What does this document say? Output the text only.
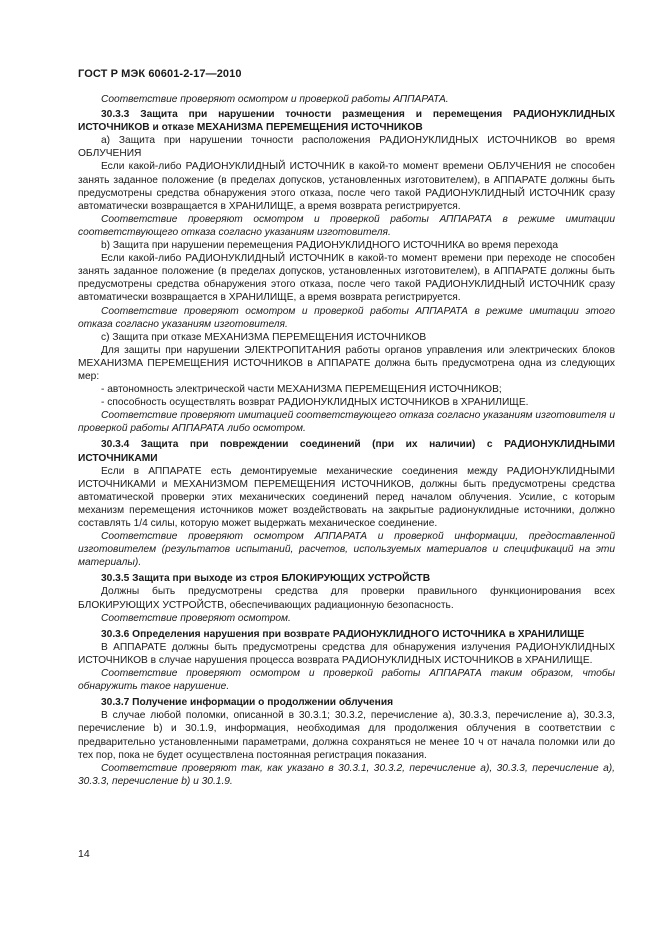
ГОСТ Р МЭК 60601-2-17—2010

Соответствие проверяют осмотром и проверкой работы АППАРАТА.

30.3.3 Защита при нарушении точности размещения и перемещения РАДИОНУКЛИДНЫХ ИСТОЧНИКОВ и отказе МЕХАНИЗМА ПЕРЕМЕЩЕНИЯ ИСТОЧНИКОВ

a) Защита при нарушении точности расположения РАДИОНУКЛИДНЫХ ИСТОЧНИКОВ во время ОБЛУЧЕНИЯ

Если какой-либо РАДИОНУКЛИДНЫЙ ИСТОЧНИК в какой-то момент времени ОБЛУЧЕНИЯ не способен занять заданное положение (в пределах допусков, установленных изготовителем), в АППАРАТЕ должны быть предусмотрены средства обнаружения этого отказа, после чего такой РАДИОНУКЛИДНЫЙ ИСТОЧНИК сразу автоматически возвращается в ХРАНИЛИЩЕ, а время возврата регистрируется.

Соответствие проверяют осмотром и проверкой работы АППАРАТА в режиме имитации соответствующего отказа согласно указаниям изготовителя.

b) Защита при нарушении перемещения РАДИОНУКЛИДНОГО ИСТОЧНИКА во время перехода

Если какой-либо РАДИОНУКЛИДНЫЙ ИСТОЧНИК в какой-то момент времени при переходе не способен занять заданное положение (в пределах допусков, установленных изготовителем), в АППАРАТЕ должны быть предусмотрены средства обнаружения этого отказа, после чего такой РАДИОНУКЛИДНЫЙ ИСТОЧНИК сразу автоматически возвращается в ХРАНИЛИЩЕ, а время возврата регистрируется.

Соответствие проверяют осмотром и проверкой работы АППАРАТА в режиме имитации этого отказа согласно указаниям изготовителя.

c) Защита при отказе МЕХАНИЗМА ПЕРЕМЕЩЕНИЯ ИСТОЧНИКОВ

Для защиты при нарушении ЭЛЕКТРОПИТАНИЯ работы органов управления или электрических блоков МЕХАНИЗМА ПЕРЕМЕЩЕНИЯ ИСТОЧНИКОВ в АППАРАТЕ должна быть предусмотрена одна из следующих мер:

- автономность электрической части МЕХАНИЗМА ПЕРЕМЕЩЕНИЯ ИСТОЧНИКОВ;

- способность осуществлять возврат РАДИОНУКЛИДНЫХ ИСТОЧНИКОВ в ХРАНИЛИЩЕ.

Соответствие проверяют имитацией соответствующего отказа согласно указаниям изготовителя и проверкой работы АППАРАТА либо осмотром.

30.3.4 Защита при повреждении соединений (при их наличии) с РАДИОНУКЛИДНЫМИ ИСТОЧНИКАМИ

Если в АППАРАТЕ есть демонтируемые механические соединения между РАДИОНУКЛИДНЫМИ ИСТОЧНИКАМИ и МЕХАНИЗМОМ ПЕРЕМЕЩЕНИЯ ИСТОЧНИКОВ, должны быть предусмотрены средства автоматической проверки этих механических соединений перед началом облучения. Усилие, с которым механизм перемещения источников может воздействовать на закрытые радионуклидные источники, должно составлять 1/4 силы, которую может выдержать механическое соединение.

Соответствие проверяют осмотром АППАРАТА и проверкой информации, предоставленной изготовителем (результатов испытаний, расчетов, используемых материалов и спецификаций на эти материалы).

30.3.5 Защита при выходе из строя БЛОКИРУЮЩИХ УСТРОЙСТВ

Должны быть предусмотрены средства для проверки правильного функционирования всех БЛОКИРУЮЩИХ УСТРОЙСТВ, обеспечивающих радиационную безопасность.

Соответствие проверяют осмотром.

30.3.6 Определения нарушения при возврате РАДИОНУКЛИДНОГО ИСТОЧНИКА в ХРАНИЛИЩЕ

В АППАРАТЕ должны быть предусмотрены средства для обнаружения излучения РАДИОНУКЛИДНЫХ ИСТОЧНИКОВ в случае нарушения процесса возврата РАДИОНУКЛИДНЫХ ИСТОЧНИКОВ в ХРАНИЛИЩЕ.

Соответствие проверяют осмотром и проверкой работы АППАРАТА таким образом, чтобы обнаружить такое нарушение.

30.3.7 Получение информации о продолжении облучения

В случае любой поломки, описанной в 30.3.1; 30.3.2, перечисление a), 30.3.3, перечисление a), 30.3.3, перечисление b) и 30.1.9, информация, необходимая для продолжения облучения в соответствии с предварительно установленными параметрами, должна сохраняться не менее 10 ч от начала поломки или до тех пор, пока не будет осуществлена постоянная регистрация показания.

Соответствие проверяют так, как указано в 30.3.1, 30.3.2, перечисление a), 30.3.3, перечисление a), 30.3.3, перечисление b) и 30.1.9.

14
